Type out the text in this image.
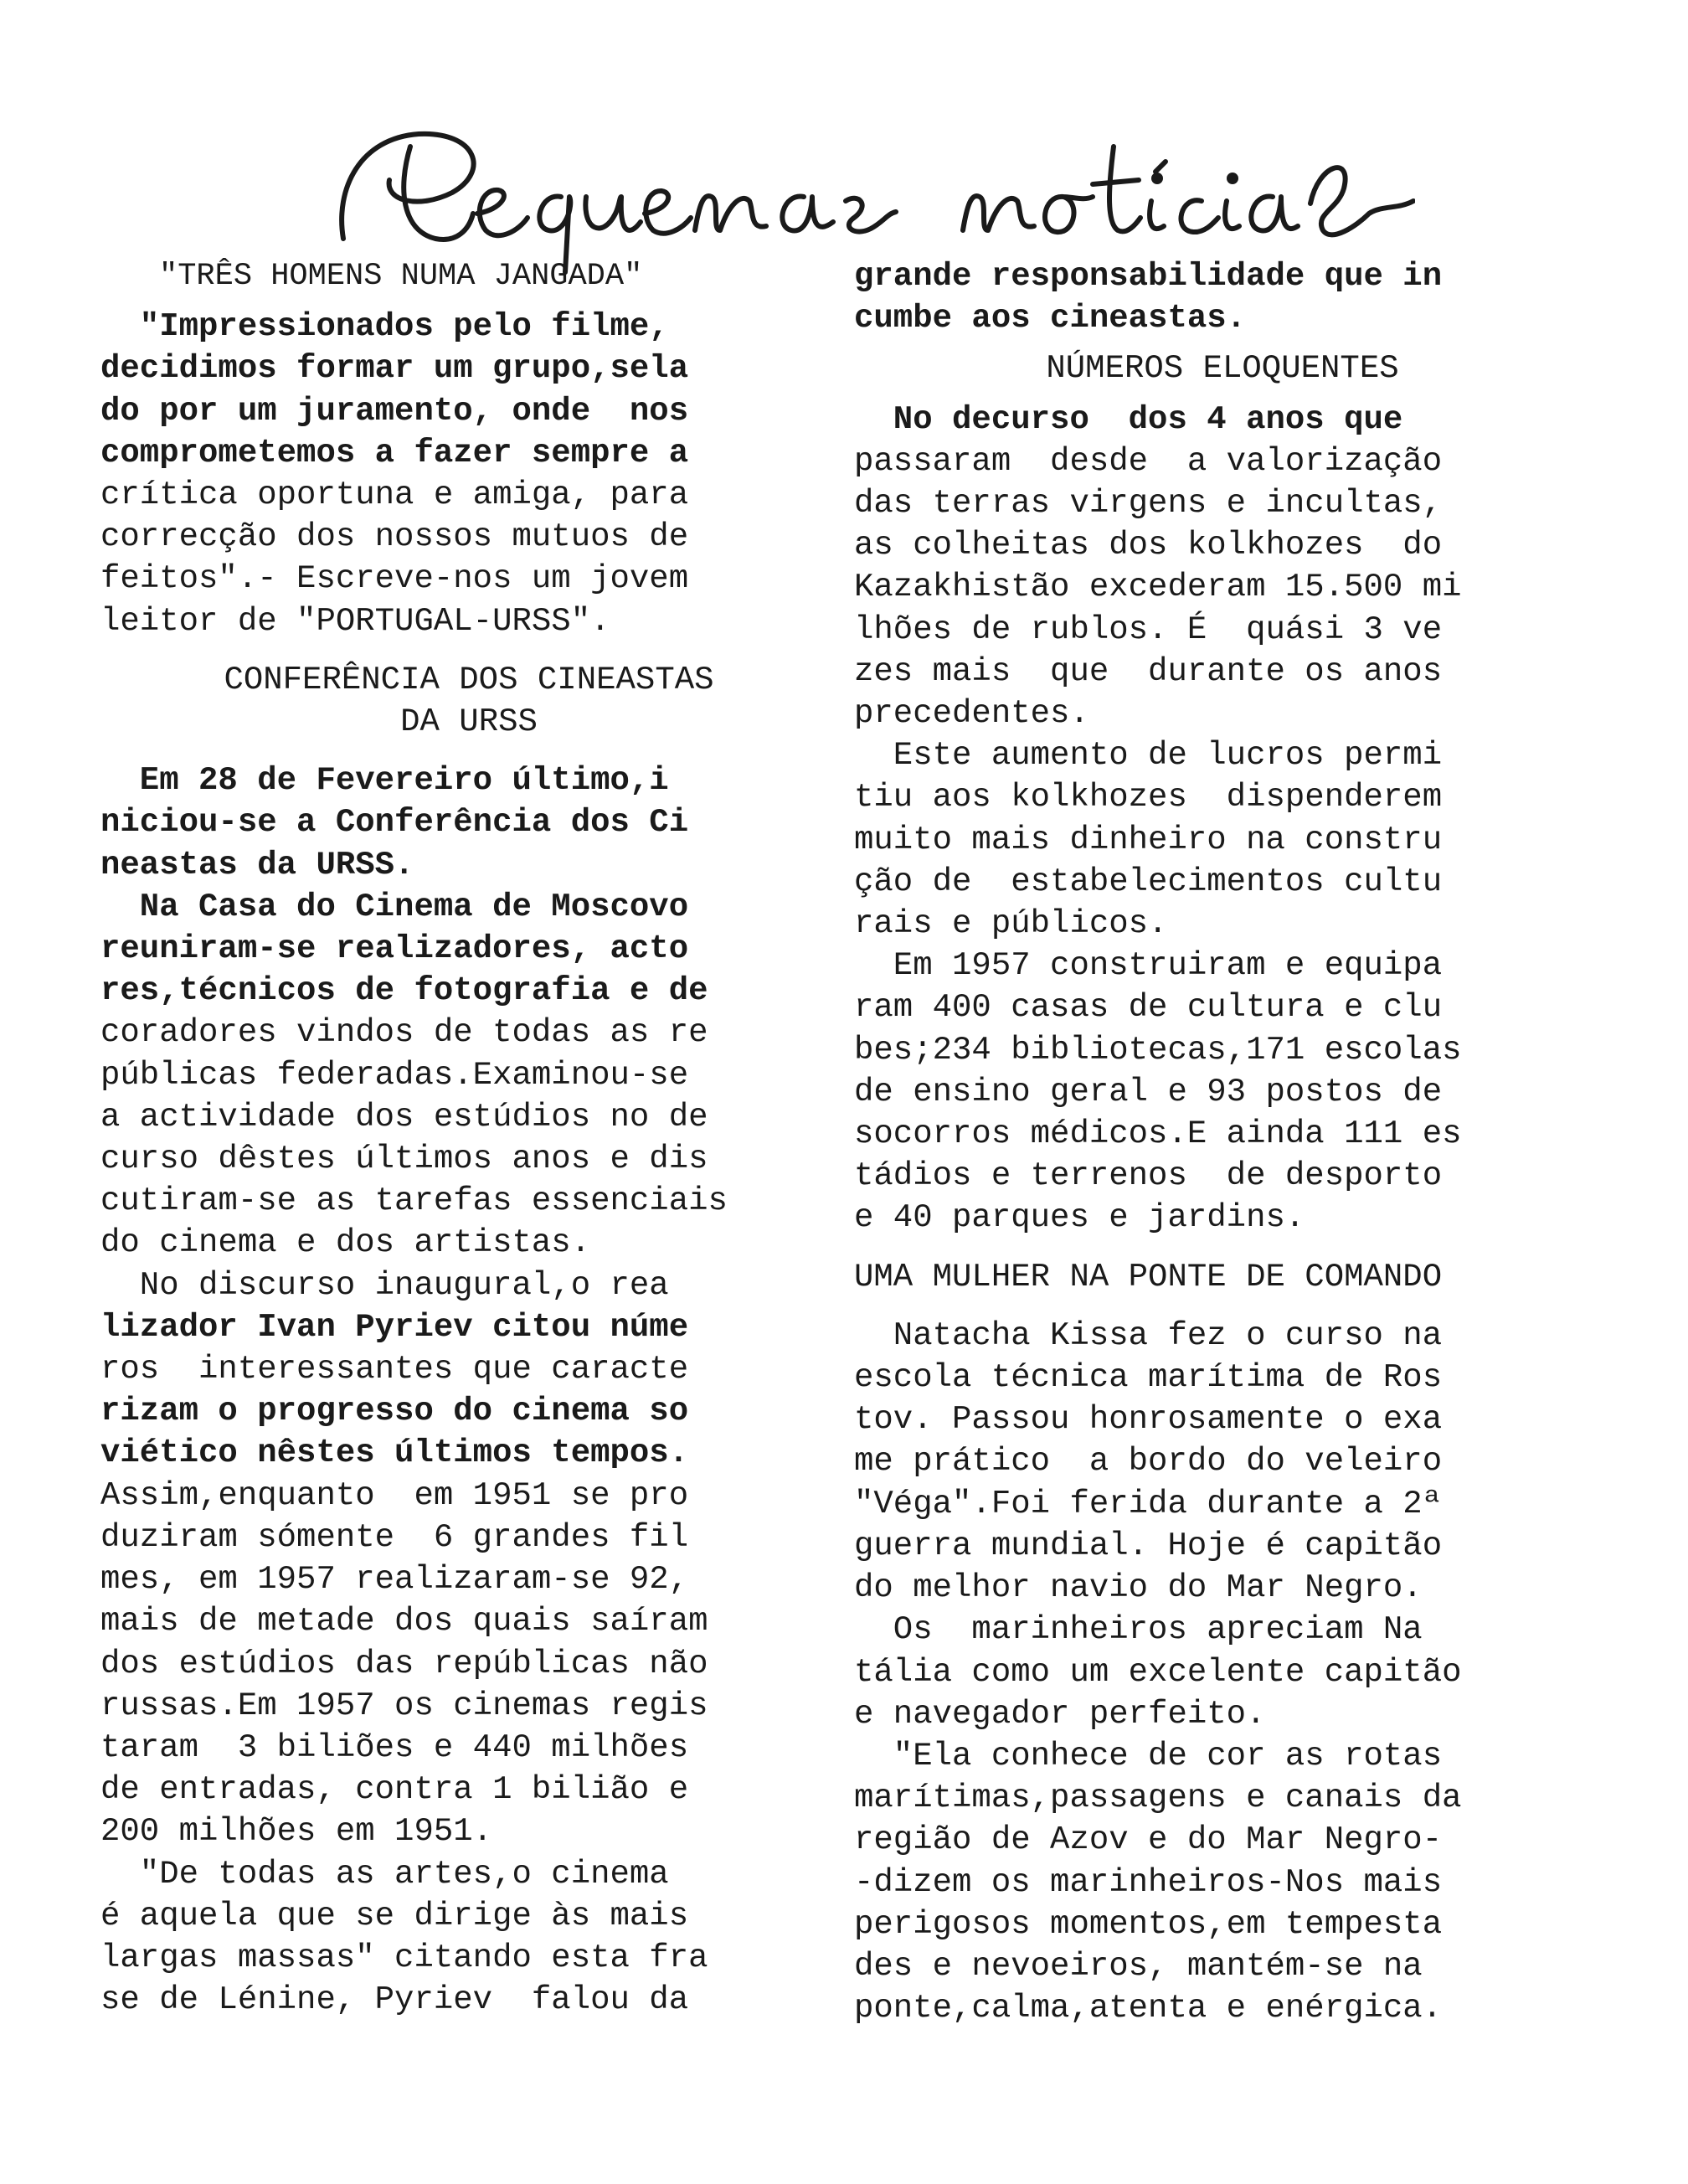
"TRÊS HOMENS NUMA JANGADA"

"Impressionados pelo filme,

decidimos formar um grupo,sela

do por um juramento, onde  nos

comprometemos a fazer sempre a

crítica oportuna e amiga, para

correcção dos nossos mutuos de

feitos".- Escreve-nos um jovem

leitor de "PORTUGAL-URSS".

CONFERÊNCIA DOS CINEASTAS

DA URSS

Em 28 de Fevereiro último,i

niciou-se a Conferência dos Ci

neastas da URSS.

Na Casa do Cinema de Moscovo

reuniram-se realizadores, acto

res,técnicos de fotografia e de

coradores vindos de todas as re

públicas federadas.Examinou-se

a actividade dos estúdios no de

curso dêstes últimos anos e dis

cutiram-se as tarefas essenciais

do cinema e dos artistas.

No discurso inaugural,o rea

lizador Ivan Pyriev citou núme

ros  interessantes que caracte

rizam o progresso do cinema so

viético nêstes últimos tempos.

Assim,enquanto  em 1951 se pro

duziram sómente  6 grandes fil

mes, em 1957 realizaram-se 92,

mais de metade dos quais saíram

dos estúdios das repúblicas não

russas.Em 1957 os cinemas regis

taram  3 biliões e 440 milhões

de entradas, contra 1 bilião e

200 milhões em 1951.

"De todas as artes,o cinema

é aquela que se dirige às mais

largas massas" citando esta fra

se de Lénine, Pyriev  falou da

grande responsabilidade que in

cumbe aos cineastas.

NÚMEROS ELOQUENTES

No decurso  dos 4 anos que

passaram  desde  a valorização

das terras virgens e incultas,

as colheitas dos kolkhozes  do

Kazakhistão excederam 15.500 mi

lhões de rublos. É  quási 3 ve

zes mais  que  durante os anos

precedentes.

Este aumento de lucros permi

tiu aos kolkhozes  dispenderem

muito mais dinheiro na constru

ção de  estabelecimentos cultu

rais e públicos.

Em 1957 construiram e equipa

ram 400 casas de cultura e clu

bes;234 bibliotecas,171 escolas

de ensino geral e 93 postos de

socorros médicos.E ainda 111 es

tádios e terrenos  de desporto

e 40 parques e jardins.

UMA MULHER NA PONTE DE COMANDO

Natacha Kissa fez o curso na

escola técnica marítima de Ros

tov. Passou honrosamente o exa

me prático  a bordo do veleiro

"Véga".Foi ferida durante a 2ª

guerra mundial. Hoje é capitão

do melhor navio do Mar Negro.

Os  marinheiros apreciam Na

tália como um excelente capitão

e navegador perfeito.

"Ela conhece de cor as rotas

marítimas,passagens e canais da

região de Azov e do Mar Negro-

-dizem os marinheiros-Nos mais

perigosos momentos,em tempesta

des e nevoeiros, mantém-se na

ponte,calma,atenta e enérgica.
